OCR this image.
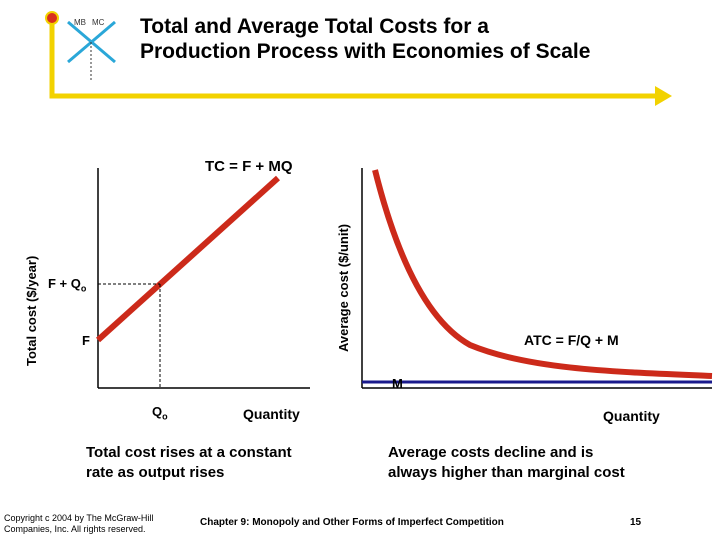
MB MC Total and Average Total Costs for a
Production Process with Economies of Scale
Total cost ($/year)
TC = F + MQ
$F + Q_o$
F
$Q_o$	Quantity
Total cost rises at a constant
rate as output rises
Average cost ($/unit)	ATC = F/Q + M
M
Quantity
Average costs decline and is
always higher than marginal cost
Copyright c 2004 by The McGraw-Hill
Companies, Inc. All rights reserved.
Chapter 9: Monopoly and Other Forms of Imperfect Competition	15
